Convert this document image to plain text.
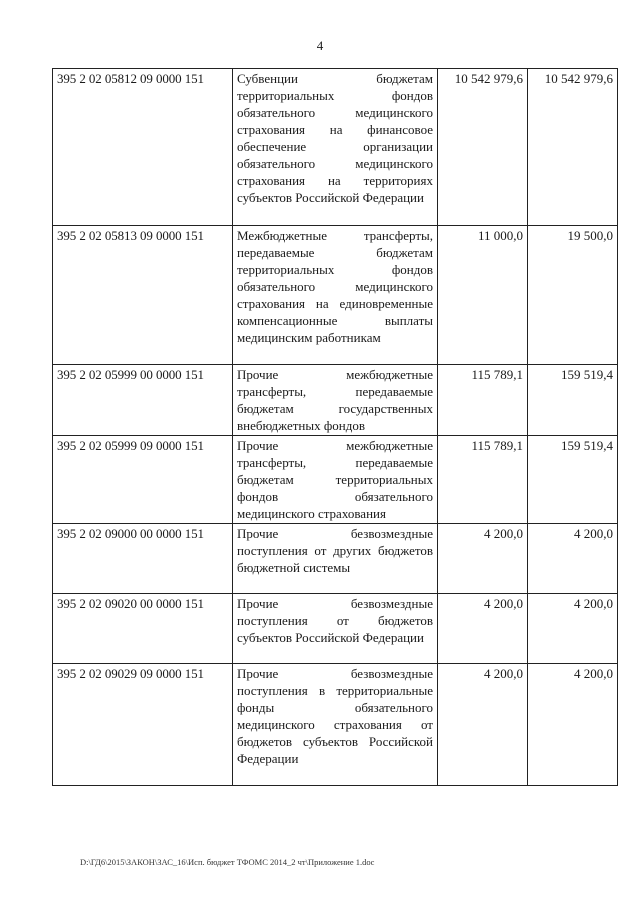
4
395 2 02 05812 09 0000 151	Субвенции бюджетам территориальных фондов обязательного медицинского страхования на финансовое обеспечение организации обязательного медицинского страхования на территориях субъектов Российской Федерации	10 542 979,6	10 542 979,6
395 2 02 05813 09 0000 151	Межбюджетные трансферты, передаваемые бюджетам территориальных фондов обязательного медицинского страхования на единовременные компенсационные выплаты медицинским работникам	11 000,0	19 500,0
395 2 02 05999 00 0000 151	Прочие межбюджетные трансферты, передаваемые бюджетам государственных внебюджетных фондов	115 789,1	159 519,4
395 2 02 05999 09 0000 151	Прочие межбюджетные трансферты, передаваемые бюджетам территориальных фондов обязательного медицинского страхования	115 789,1	159 519,4
395 2 02 09000 00 0000 151	Прочие безвозмездные поступления от других бюджетов бюджетной системы	4 200,0	4 200,0
395 2 02 09020 00 0000 151	Прочие безвозмездные поступления от бюджетов субъектов Российской Федерации	4 200,0	4 200,0
395 2 02 09029 09 0000 151	Прочие безвозмездные поступления в территориальные фонды обязательного медицинского страхования от бюджетов субъектов Российской Федерации	4 200,0	4 200,0
D:\ГД6\2015\ЗАКОН\ЗАС_16\Исп. бюджет ТФОМС 2014_2 чт\Приложение 1.doc
